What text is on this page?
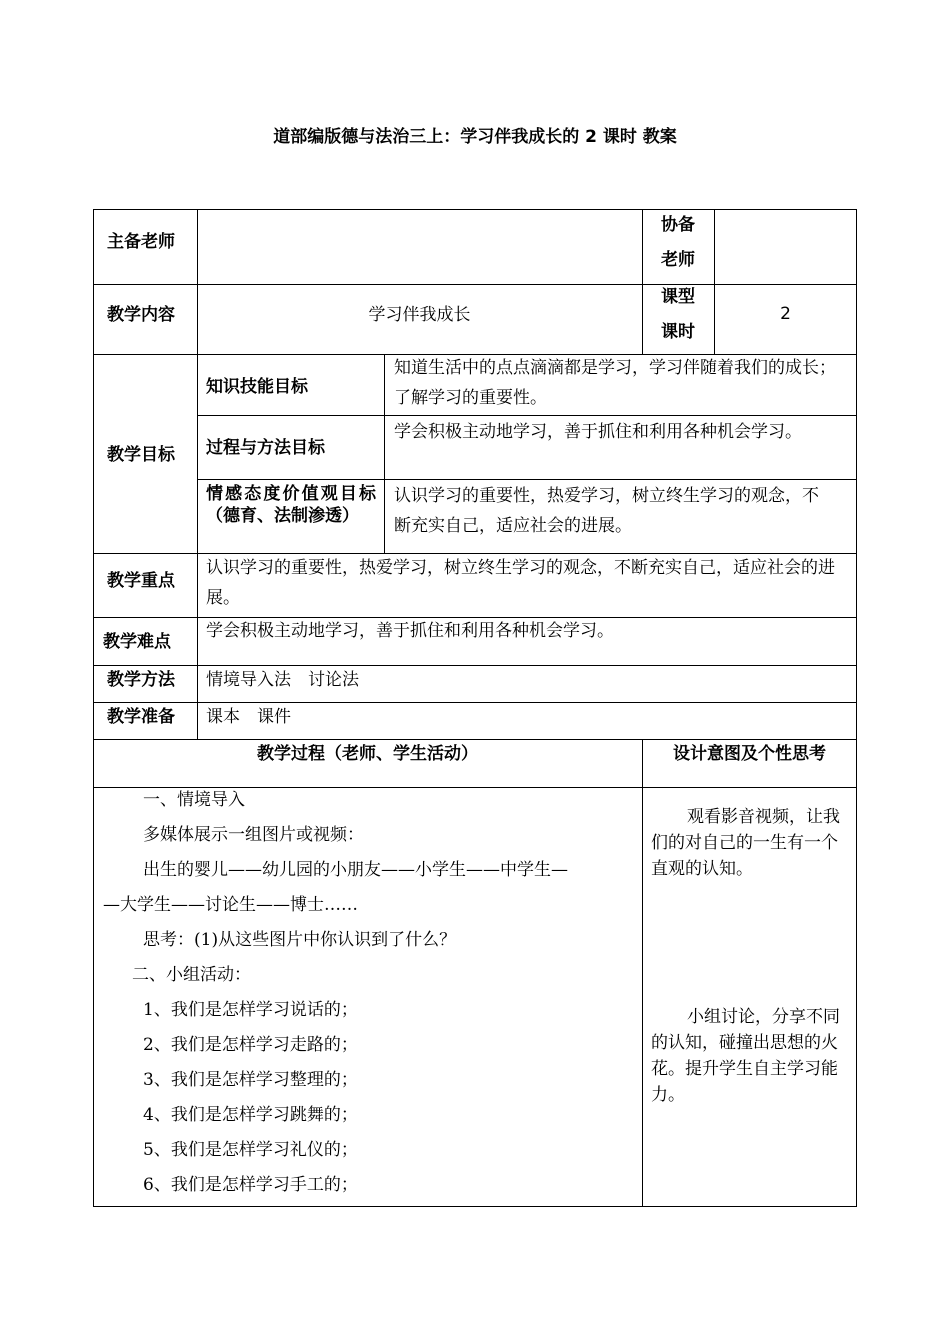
道部编版德与法治三上：学习伴我成长的 2 课时 教案
主备老师
协备
老师
教学内容	学习伴我成长
课型
课时
2
教学目标
知识技能目标
知道生活中的点点滴滴都是学习，学习伴随着我们的成长；了解学习的重要性。
过程与方法目标
学会积极主动地学习，善于抓住和利用各种机会学习。
情感态度价值观目标（德育、法制渗透）
认识学习的重要性，热爱学习，树立终生学习的观念，不断充实自己，适应社会的进展。
教学重点
认识学习的重要性，热爱学习，树立终生学习的观念，不断充实自己，适应社会的进展。
教学难点
学会积极主动地学习，善于抓住和利用各种机会学习。
教学方法 情境导入法　讨论法
教学准备 课本　课件
教学过程（老师、学生活动）	设计意图及个性思考
一、情境导入
多媒体展示一组图片或视频：
出生的婴儿——幼儿园的小朋友——小学生——中学生—
—大学生——讨论生——博士……
思考：(1)从这些图片中你认识到了什么？
二、小组活动：
1、我们是怎样学习说话的；
2、我们是怎样学习走路的；
3、我们是怎样学习整理的；
4、我们是怎样学习跳舞的；
5、我们是怎样学习礼仪的；
6、我们是怎样学习手工的；
观看影音视频，让我们的对自己的一生有一个直观的认知。
小组讨论，分享不同的认知，碰撞出思想的火花。提升学生自主学习能力。
